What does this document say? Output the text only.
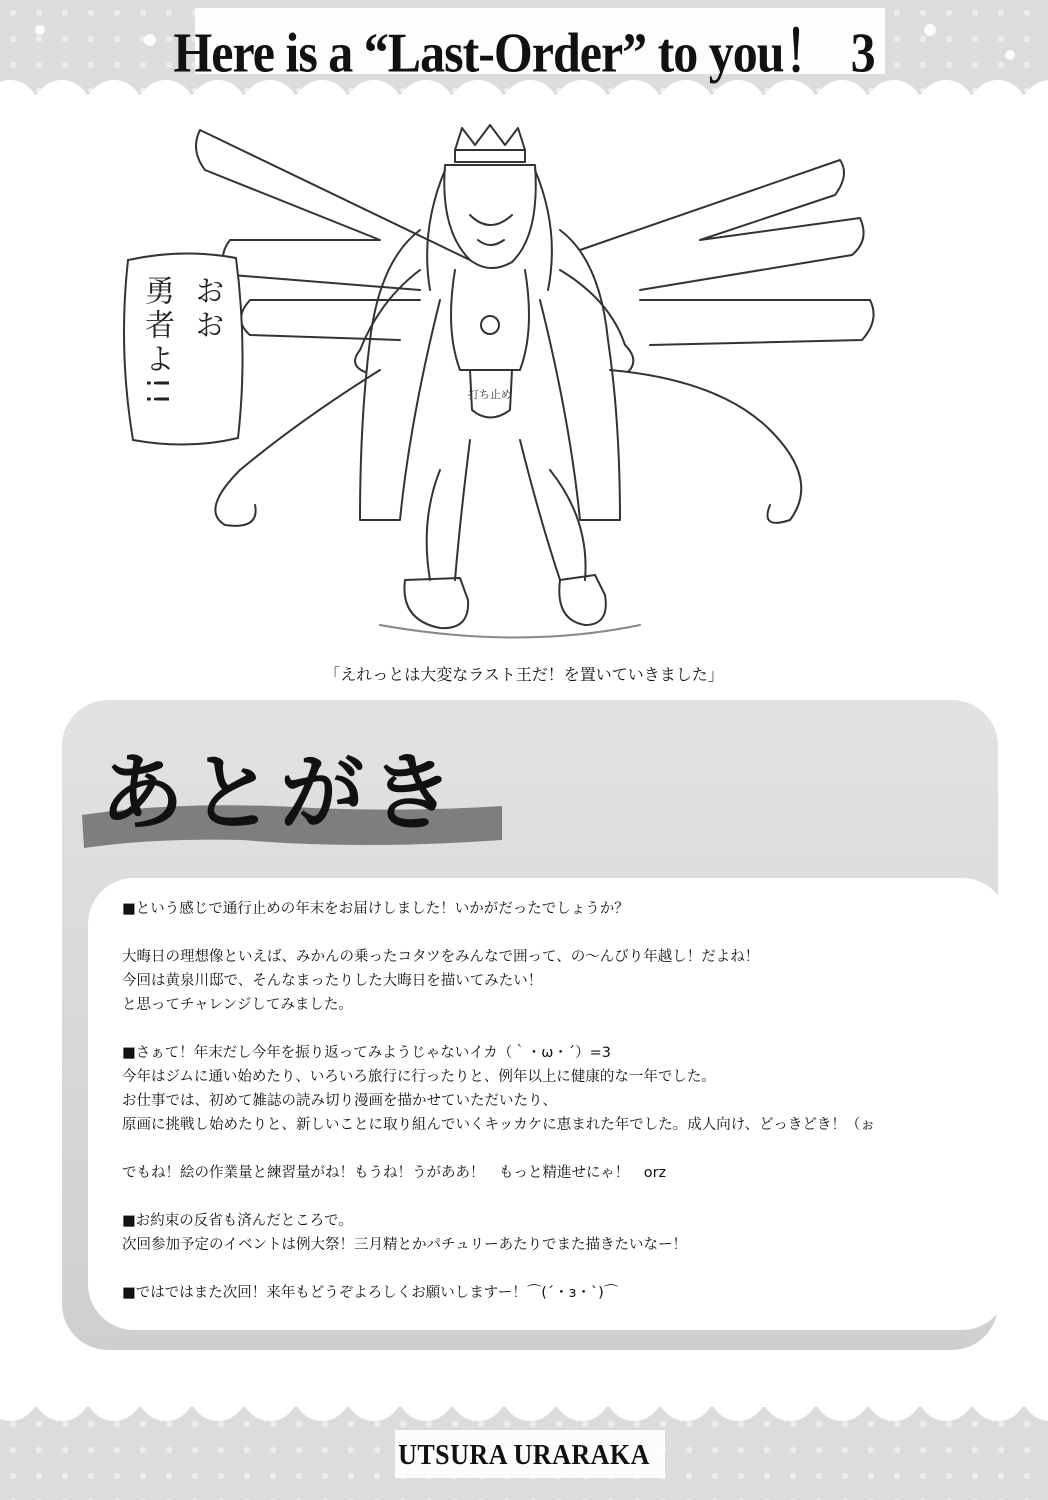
Here is a “Last-Order” to you！ 3
打ち止め
おお
勇者よ!!
「えれっとは大変なラスト王だ！を置いていきました」
あとがき

■という感じで通行止めの年末をお届けしました！いかがだったでしょうか？

大晦日の理想像といえば、みかんの乗ったコタツをみんなで囲って、の～んびり年越し！だよね！

今回は黄泉川邸で、そんなまったりした大晦日を描いてみたい！

と思ってチャレンジしてみました。

■さぁて！年末だし今年を振り返ってみようじゃないイカ（｀・ω・´）=3

今年はジムに通い始めたり、いろいろ旅行に行ったりと、例年以上に健康的な一年でした。

お仕事では、初めて雑誌の読み切り漫画を描かせていただいたり、

原画に挑戦し始めたりと、新しいことに取り組んでいくキッカケに恵まれた年でした。成人向け、どっきどき！（ぉ

でもね！絵の作業量と練習量がね！もうね！うがああ！　もっと精進せにゃ！　orz

■お約束の反省も済んだところで。

次回参加予定のイベントは例大祭！三月精とかパチュリーあたりでまた描きたいなー！

■ではではまた次回！来年もどうぞよろしくお願いしますー！⌒(´・з・`)⌒

UTSURA URARAKA
